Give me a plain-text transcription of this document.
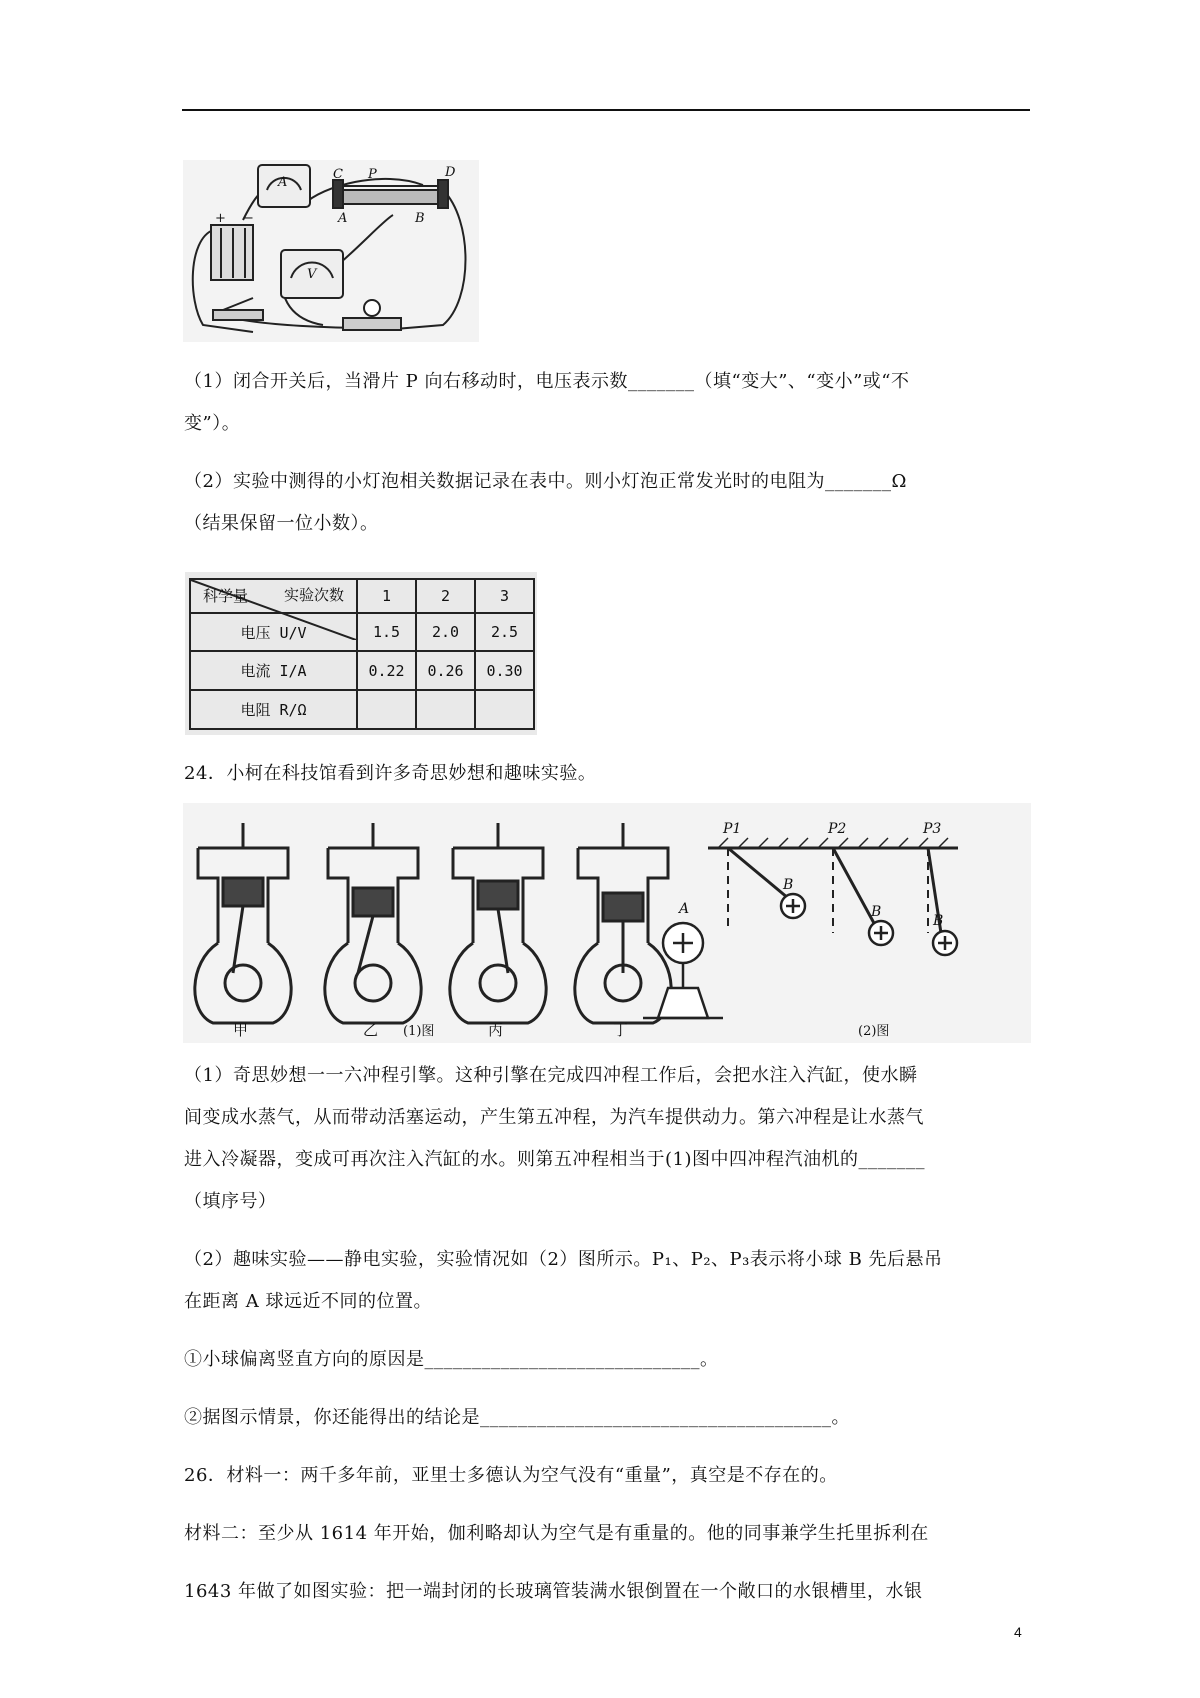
A
V
C P	D
A	B
+ −

（1）闭合开关后，当滑片 P 向右移动时，电压表示数_______（填“变大”、“变小”或“不

变”）。

（2）实验中测得的小灯泡相关数据记录在表中。则小灯泡正常发光时的电阻为_______Ω

（结果保留一位小数）。

实验次数
科学量	1	2	3
电压 U/V	1.5	2.0	2.5
电流 I/A	0.22	0.26	0.30
电阻 R/Ω			

24．小柯在科技馆看到许多奇思妙想和趣味实验。

甲	乙	丙	丁
(1)图	(2)图
A
B
B
B
P1	P2	P3

（1）奇思妙想一一六冲程引擎。这种引擎在完成四冲程工作后，会把水注入汽缸，使水瞬

间变成水蒸气，从而带动活塞运动，产生第五冲程，为汽车提供动力。第六冲程是让水蒸气

进入冷凝器，变成可再次注入汽缸的水。则第五冲程相当于(1)图中四冲程汽油机的_______

（填序号）

（2）趣味实验——静电实验，实验情况如（2）图所示。P₁、P₂、P₃表示将小球 B 先后悬吊

在距离 A 球远近不同的位置。

①小球偏离竖直方向的原因是_____________________________。

②据图示情景，你还能得出的结论是_____________________________________。

26．材料一：两千多年前，亚里士多德认为空气没有“重量”，真空是不存在的。

材料二：至少从 1614 年开始，伽利略却认为空气是有重量的。他的同事兼学生托里拆利在

1643 年做了如图实验：把一端封闭的长玻璃管装满水银倒置在一个敞口的水银槽里，水银

4
